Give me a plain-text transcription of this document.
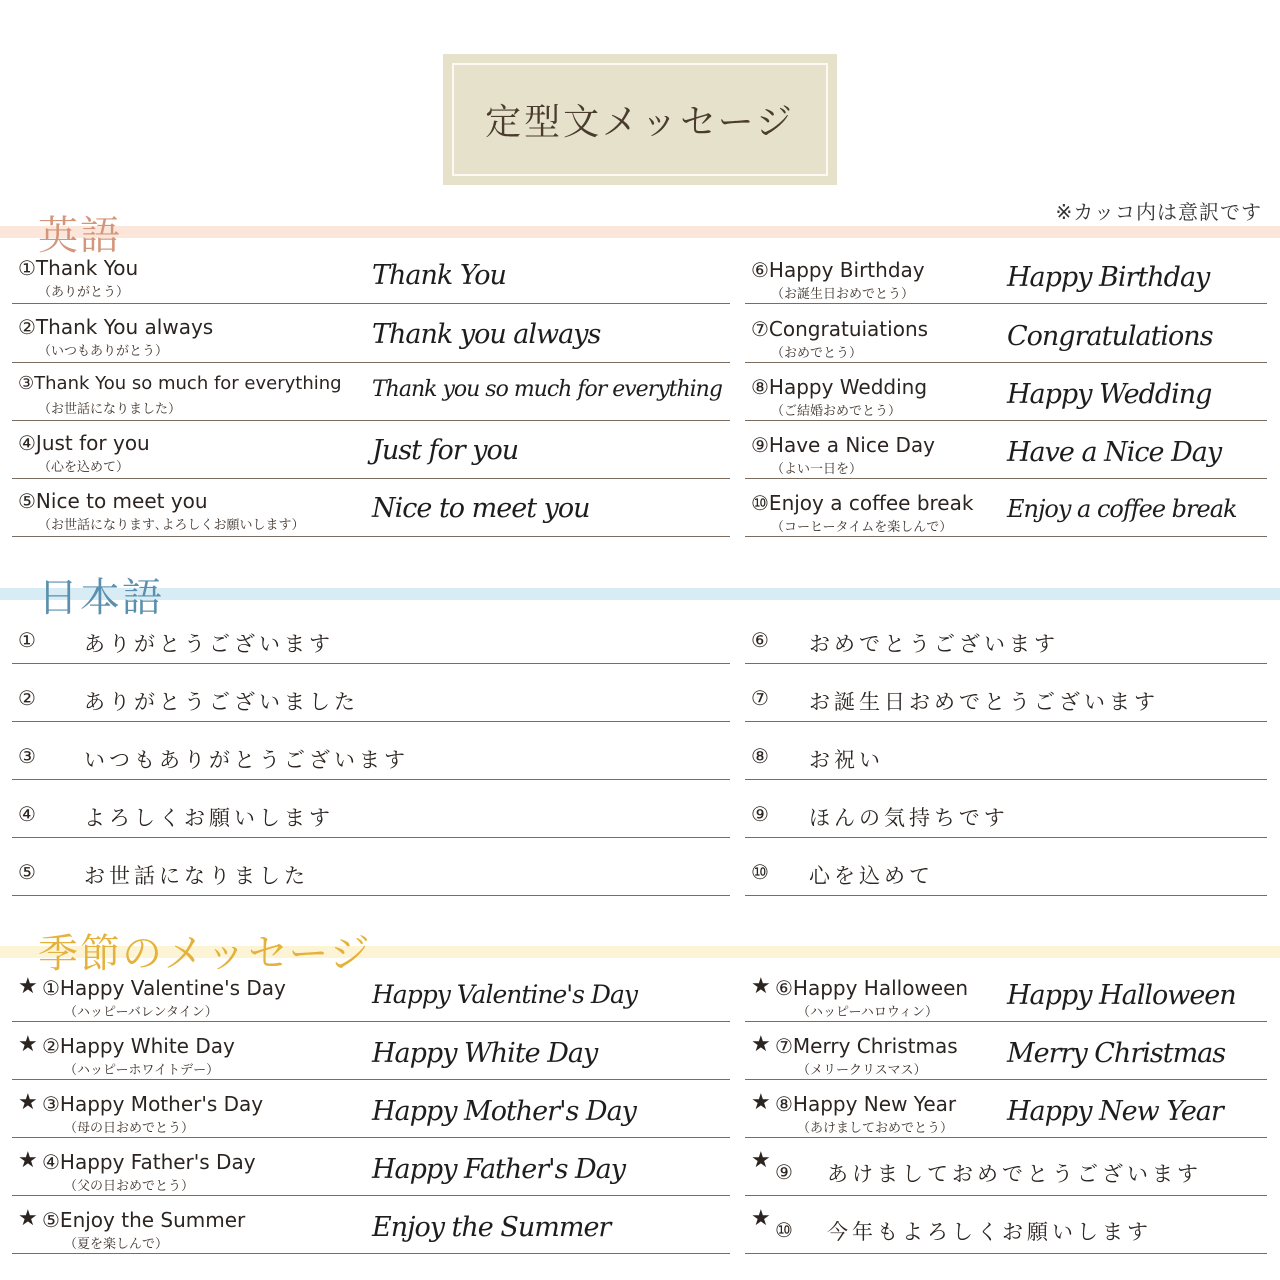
定型文メッセージ
※カッコ内は意訳です
英語
①Thank You
（ありがとう）
Thank You
②Thank You always
（いつもありがとう）
Thank you always
③Thank You so much for everything
（お世話になりました）
Thank you so much for everything
④Just for you
（心を込めて）
Just for you
⑤Nice to meet you
（お世話になります､よろしくお願いします）
Nice to meet you
⑥Happy Birthday
（お誕生日おめでとう）
Happy Birthday
⑦Congratuiations
（おめでとう）
Congratulations
⑧Happy Wedding
（ご結婚おめでとう）
Happy Wedding
⑨Have a Nice Day
（よい一日を）
Have a Nice Day
⑩Enjoy a coffee break
（コーヒータイムを楽しんで）
Enjoy a coffee break
日本語
① ありがとうございます
② ありがとうございました
③ いつもありがとうございます
④ よろしくお願いします
⑤ お世話になりました
⑥ おめでとうございます
⑦ お誕生日おめでとうございます
⑧ お祝い
⑨ ほんの気持ちです
⑩ 心を込めて
季節のメッセージ
★ ①Happy Valentine's Day
（ハッピーバレンタイン）
Happy Valentine's Day
★ ②Happy White Day
（ハッピーホワイトデー）
Happy White Day
★ ③Happy Mother's Day
（母の日おめでとう）
Happy Mother's Day
★ ④Happy Father's Day
（父の日おめでとう）
Happy Father's Day
★ ⑤Enjoy the Summer
（夏を楽しんで）
Enjoy the Summer
★ ⑥Happy Halloween
（ハッピーハロウィン）
Happy Halloween
★ ⑦Merry Christmas
（メリークリスマス）
Merry Christmas
★ ⑧Happy New Year
（あけましておめでとう）
Happy New Year
★ ⑨ あけましておめでとうございます
★ ⑩ 今年もよろしくお願いします
